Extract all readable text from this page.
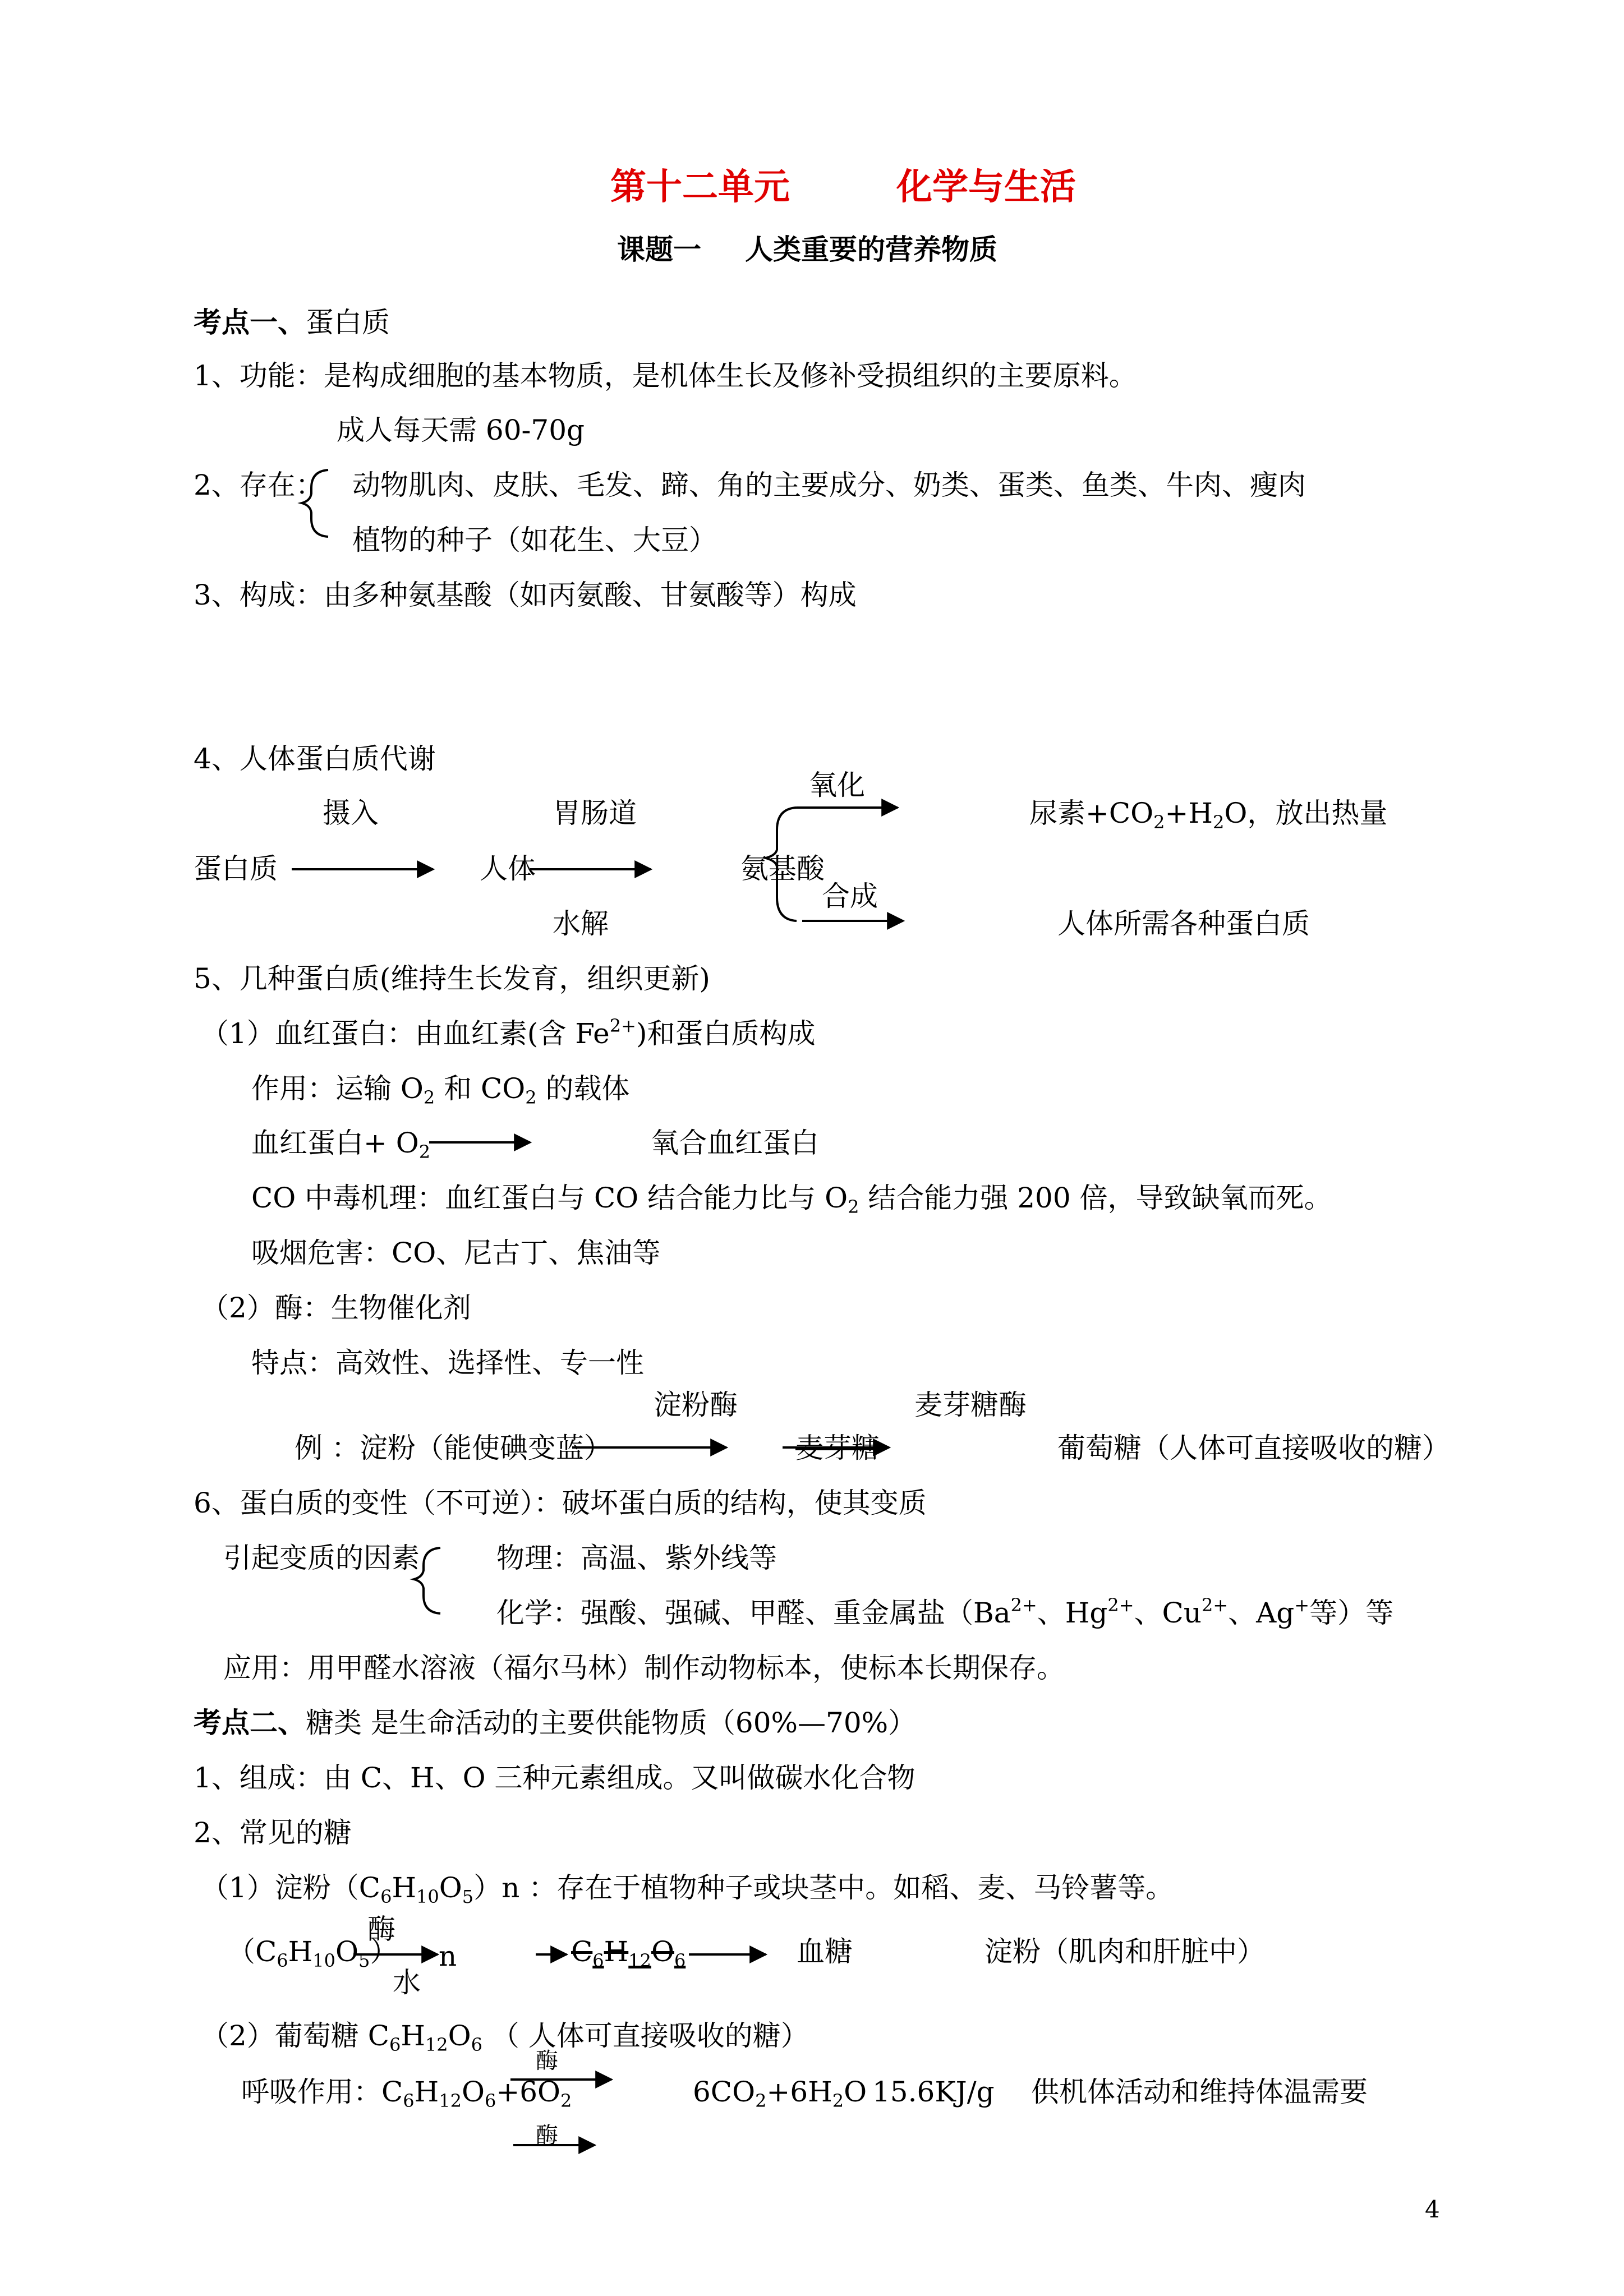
第十二单元	化学与生活
课题一 人类重要的营养物质
考点一、蛋白质
1、功能：是构成细胞的基本物质，是机体生长及修补受损组织的主要原料。
成人每天需 60-70g
2、存在： 动物肌肉、皮肤、毛发、蹄、角的主要成分、奶类、蛋类、鱼类、牛肉、瘦肉
植物的种子（如花生、大豆）
3、构成：由多种氨基酸（如丙氨酸、甘氨酸等）构成
4、人体蛋白质代谢
摄入	胃肠道
氧化
尿素$+CO_2+H_2O$，放出热量
蛋白质	人体	氨基酸
合成
水解	人体所需各种蛋白质
5、几种蛋白质(维持生长发育，组织更新)
（1）血红蛋白：由血红素(含 $Fe^{2+}$)和蛋白质构成
作用：运输 $O_2$ 和 $CO_2$ 的载体
血红蛋白+ $O_2$	氧合血红蛋白
CO 中毒机理：血红蛋白与 CO 结合能力比与 $O_2$ 结合能力强 200 倍，导致缺氧而死。
吸烟危害：CO、尼古丁、焦油等
（2）酶：生物催化剂
特点：高效性、选择性、专一性
淀粉酶	麦芽糖酶
例 ：淀粉（能使碘变蓝）	麦芽糖	葡萄糖（人体可直接吸收的糖）
6、蛋白质的变性（不可逆）：破坏蛋白质的结构，使其变质
引起变质的因素	物理：高温、紫外线等
化学：强酸、强碱、甲醛、重金属盐（$Ba^{2+}$、$Hg^{2+}$、$Cu^{2+}$、Ag+等）等
应用：用甲醛水溶液（福尔马林）制作动物标本，使标本长期保存。
考点二、糖类 是生命活动的主要供能物质（60%—70%）
1、组成：由 C、H、O 三种元素组成。又叫做碳水化合物
2、常见的糖
（1）淀粉$(C_6H_{10}O_5)n$ ：存在于植物种子或块茎中。如稻、麦、马铃薯等。
$(C_6H_{10}O_5)$
酶
n
水
$C_6H_{12}O_6$	血糖	淀粉（肌肉和肝脏中）
（2）葡萄糖 $C_6H_{12}O_6$ （ 人体可直接吸收的糖）
酶
呼吸作用：$C_6H_{12}O_6+6O_2$	$6CO_2+6H_2O$ 15.6KJ/g 供机体活动和维持体温需要
酶
4
